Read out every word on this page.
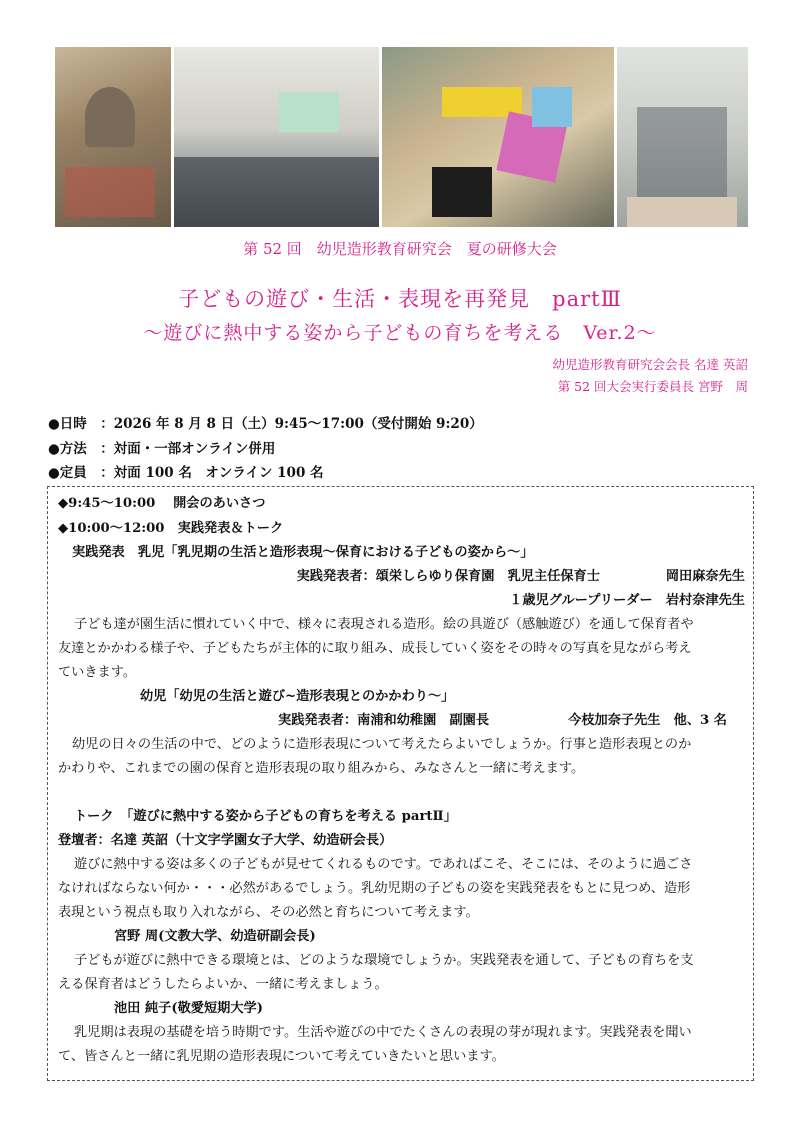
第 52 回　幼児造形教育研究会　夏の研修大会
子どもの遊び・生活・表現を再発見　partⅢ
～遊びに熱中する姿から子どもの育ちを考える　Ver.2～
幼児造形教育研究会会長 名達 英詔
第 52 回大会実行委員長 宮野　周
●日時　：2026 年 8 月 8 日（土）9:45～17:00（受付開始 9:20）
●方法　：対面・一部オンライン併用
●定員　：対面 100 名　オンライン 100 名
◆9:45～10:00　 開会のあいさつ
◆10:00～12:00　実践発表＆トーク
実践発表　乳児「乳児期の生活と造形表現～保育における子どもの姿から～」
実践発表者：頌栄しらゆり保育園　乳児主任保育士　　　　　岡田麻奈先生
１歳児グループリーダー　岩村奈津先生
子ども達が園生活に慣れていく中で、様々に表現される造形。絵の具遊び（感触遊び）を通して保育者や
友達とかかわる様子や、子どもたちが主体的に取り組み、成長していく姿をその時々の写真を見ながら考え
ていきます。
幼児「幼児の生活と遊び~造形表現とのかかわり～」
実践発表者：南浦和幼稚園　副園長　　　　　　今枝加奈子先生　他、3 名
幼児の日々の生活の中で、どのように造形表現について考えたらよいでしょうか。行事と造形表現とのか
かわりや、これまでの園の保育と造形表現の取り組みから、みなさんと一緒に考えます。
トーク　「遊びに熱中する姿から子どもの育ちを考える partⅡ」
登壇者：名達 英詔（十文字学園女子大学、幼造研会長）
遊びに熱中する姿は多くの子どもが見せてくれるものです。であればこそ、そこには、そのように過ごさ
なければならない何か・・・必然があるでしょう。乳幼児期の子どもの姿を実践発表をもとに見つめ、造形
表現という視点も取り入れながら、その必然と育ちについて考えます。
宮野 周(文教大学、幼造研副会長)
子どもが遊びに熱中できる環境とは、どのような環境でしょうか。実践発表を通して、子どもの育ちを支
える保育者はどうしたらよいか、一緒に考えましょう。
池田 純子(敬愛短期大学)
乳児期は表現の基礎を培う時期です。生活や遊びの中でたくさんの表現の芽が現れます。実践発表を聞い
て、皆さんと一緒に乳児期の造形表現について考えていきたいと思います。
